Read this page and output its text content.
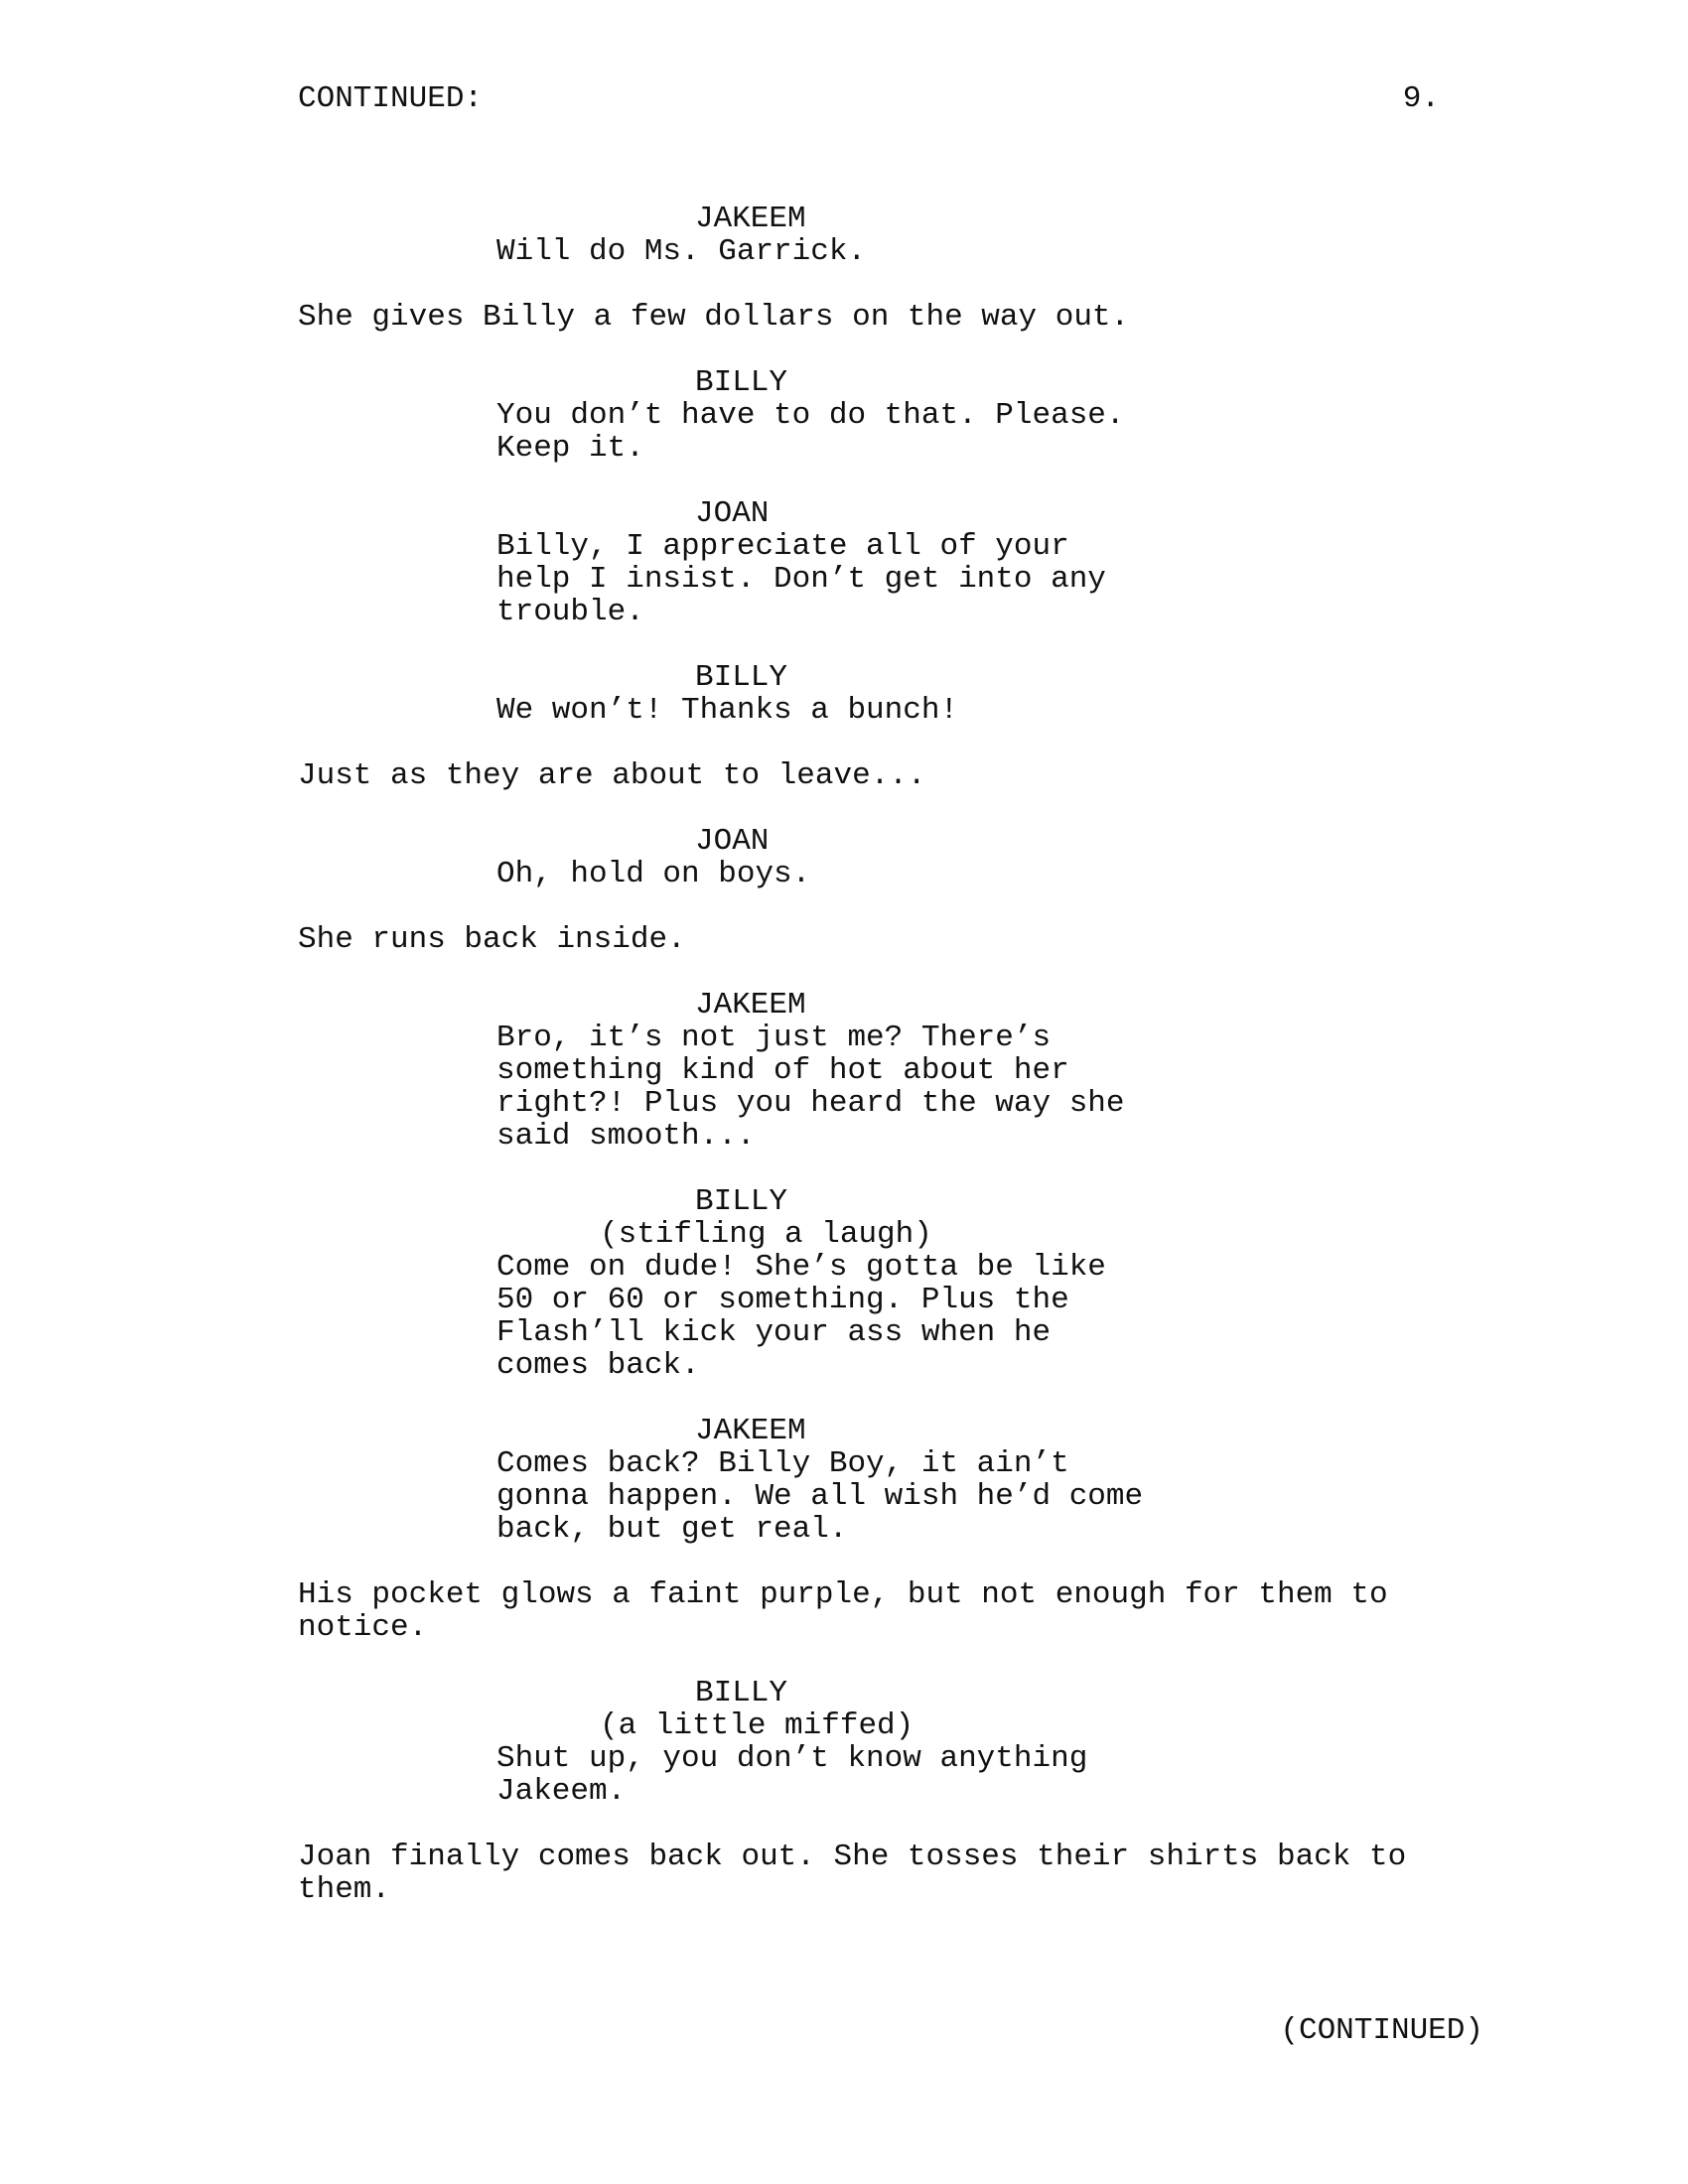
CONTINUED:	9.
JAKEEM
Will do Ms. Garrick.
She gives Billy a few dollars on the way out.
BILLY
You don’t have to do that. Please.
Keep it.
JOAN
Billy, I appreciate all of your
help I insist. Don’t get into any
trouble.
BILLY
We won’t! Thanks a bunch!
Just as they are about to leave...
JOAN
Oh, hold on boys.
She runs back inside.
JAKEEM
Bro, it’s not just me? There’s
something kind of hot about her
right?! Plus you heard the way she
said smooth...
BILLY
(stifling a laugh)
Come on dude! She’s gotta be like
50 or 60 or something. Plus the
Flash’ll kick your ass when he
comes back.
JAKEEM
Comes back? Billy Boy, it ain’t
gonna happen. We all wish he’d come
back, but get real.
His pocket glows a faint purple, but not enough for them to
notice.
BILLY
(a little miffed)
Shut up, you don’t know anything
Jakeem.
Joan finally comes back out. She tosses their shirts back to
them.
(CONTINUED)
